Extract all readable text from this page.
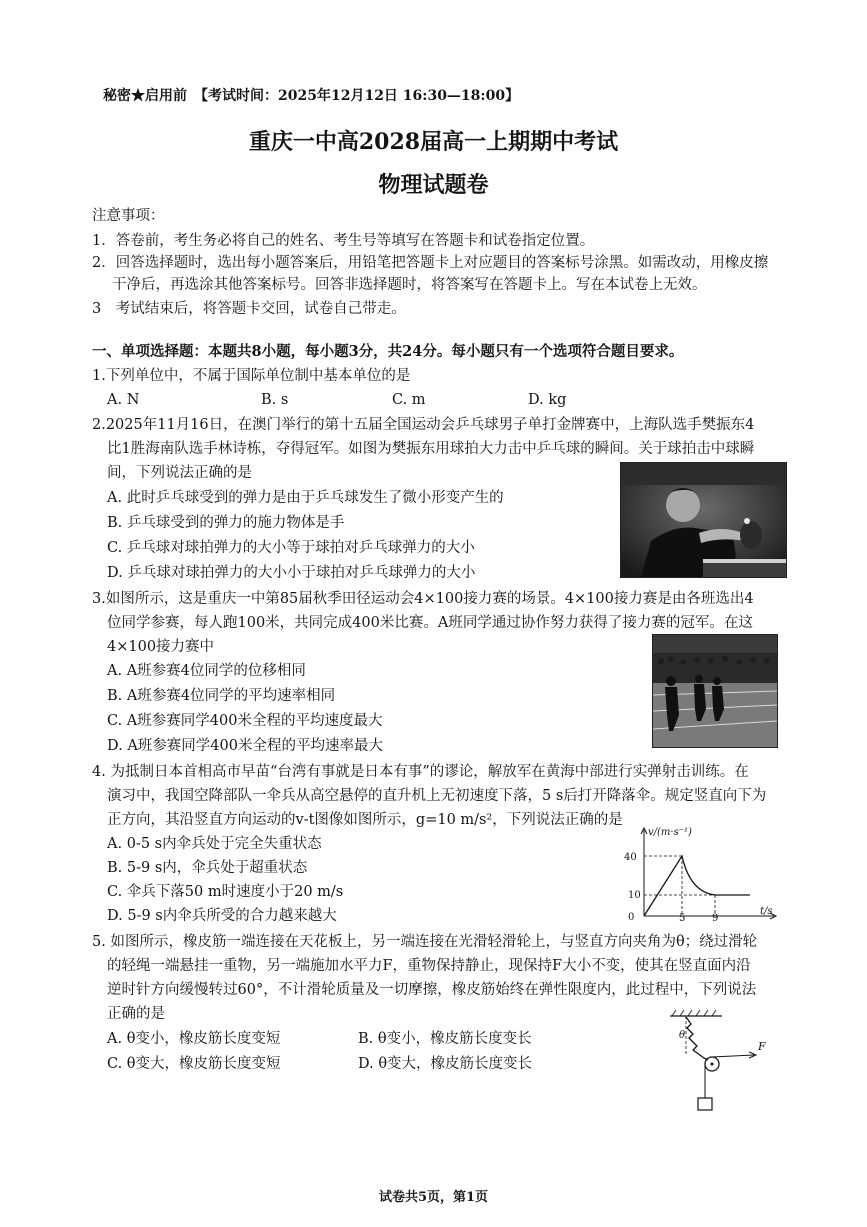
秘密★启用前　【考试时间：2025年12月12日 16:30—18:00】
重庆一中高2028届高一上期期中考试
物理试题卷
注意事项：
1．答卷前，考生务必将自己的姓名、考生号等填写在答题卡和试卷指定位置。
2．回答选择题时，选出每小题答案后，用铅笔把答题卡上对应题目的答案标号涂黑。如需改动，用橡皮擦
干净后，再选涂其他答案标号。回答非选择题时，将答案写在答题卡上。写在本试卷上无效。
3　考试结束后，将答题卡交回，试卷自己带走。
一、单项选择题：本题共8小题，每小题3分，共24分。每小题只有一个选项符合题目要求。
1.下列单位中，不属于国际单位制中基本单位的是
A. N	B. s	C. m	D. kg
2.2025年11月16日，在澳门举行的第十五届全国运动会乒乓球男子单打金牌赛中，上海队选手樊振东4
比1胜海南队选手林诗栋，夺得冠军。如图为樊振东用球拍大力击中乒乓球的瞬间。关于球拍击中球瞬
间，下列说法正确的是
A. 此时乒乓球受到的弹力是由于乒乓球发生了微小形变产生的
B. 乒乓球受到的弹力的施力物体是手
C. 乒乓球对球拍弹力的大小等于球拍对乒乓球弹力的大小
D. 乒乓球对球拍弹力的大小小于球拍对乒乓球弹力的大小
3.如图所示，这是重庆一中第85届秋季田径运动会4×100接力赛的场景。4×100接力赛是由各班选出4
位同学参赛，每人跑100米，共同完成400米比赛。A班同学通过协作努力获得了接力赛的冠军。在这
4×100接力赛中
A. A班参赛4位同学的位移相同
B. A班参赛4位同学的平均速率相同
C. A班参赛同学400米全程的平均速度最大
D. A班参赛同学400米全程的平均速率最大
4. 为抵制日本首相高市早苗“台湾有事就是日本有事”的谬论，解放军在黄海中部进行实弹射击训练。在
演习中，我国空降部队一伞兵从高空悬停的直升机上无初速度下落，5 s后打开降落伞。规定竖直向下为
正方向，其沿竖直方向运动的v-t图像如图所示，g=10 m/s²，下列说法正确的是
A. 0-5 s内伞兵处于完全失重状态
B. 5-9 s内，伞兵处于超重状态
C. 伞兵下落50 m时速度小于20 m/s
D. 5-9 s内伞兵所受的合力越来越大
v/(m·s⁻¹)
t/s
40
10
0	5	9
5. 如图所示，橡皮筋一端连接在天花板上，另一端连接在光滑轻滑轮上，与竖直方向夹角为θ；绕过滑轮
的轻绳一端悬挂一重物，另一端施加水平力F，重物保持静止，现保持F大小不变，使其在竖直面内沿
逆时针方向缓慢转过60°，不计滑轮质量及一切摩擦，橡皮筋始终在弹性限度内，此过程中，下列说法
正确的是
A. θ变小，橡皮筋长度变短	B. θ变小，橡皮筋长度变长
C. θ变大，橡皮筋长度变短	D. θ变大，橡皮筋长度变长
θ
F
试卷共5页，第1页
